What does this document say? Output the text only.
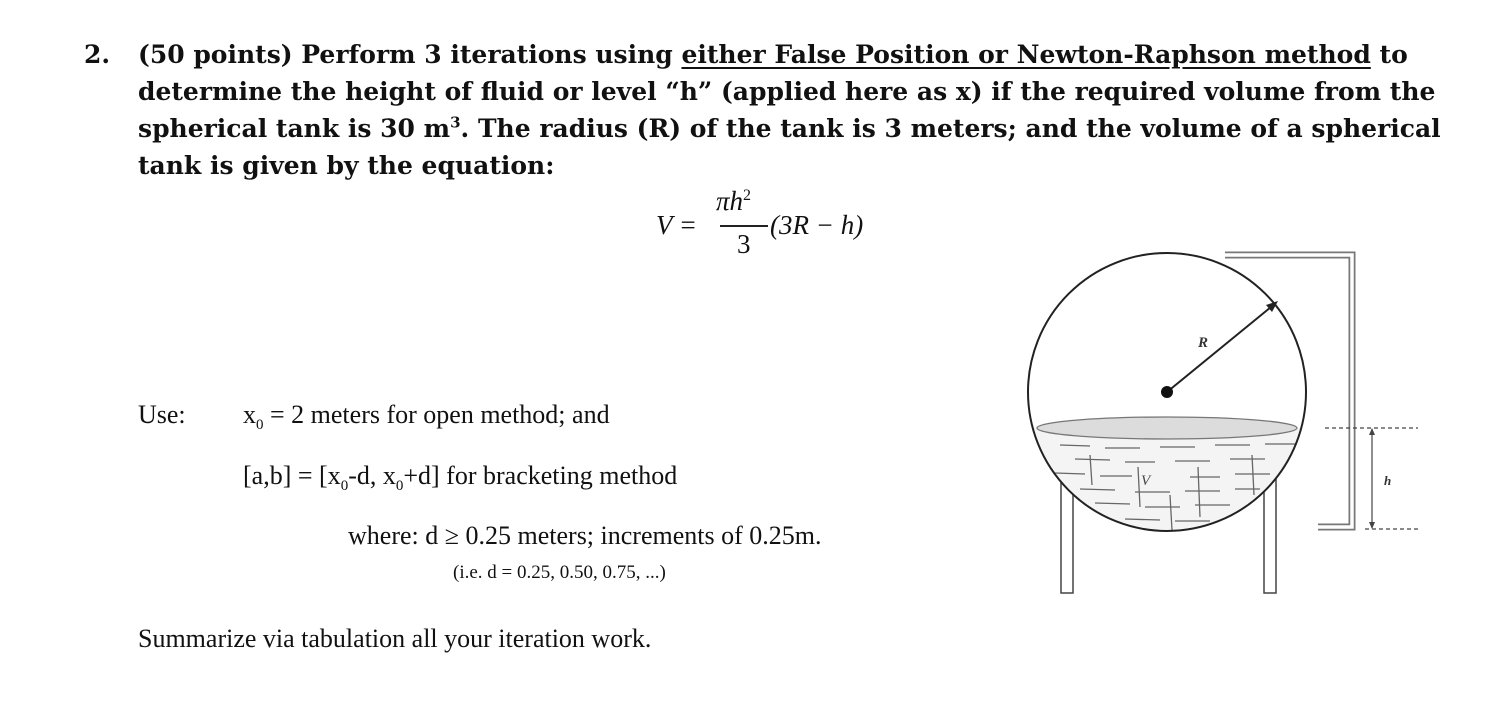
2. (50 points) Perform 3 iterations using either False Position or Newton-Raphson method to
determine the height of fluid or level “h” (applied here as x) if the required volume from the
spherical tank is 30 $m^3$. The radius (R) of the tank is 3 meters; and the volume of a spherical
tank is given by the equation:
V =
$\pi h^2$
3
(3R − h)
Use: $x_0 = 2$ meters for open method; and
$[a,b] = [x_0-d$, $x_0+d$] for bracketing method
where: d ≥ 0.25 meters; increments of 0.25m.
(i.e. d = 0.25, 0.50, 0.75, ...)
Summarize via tabulation all your iteration work.
R
V	h
